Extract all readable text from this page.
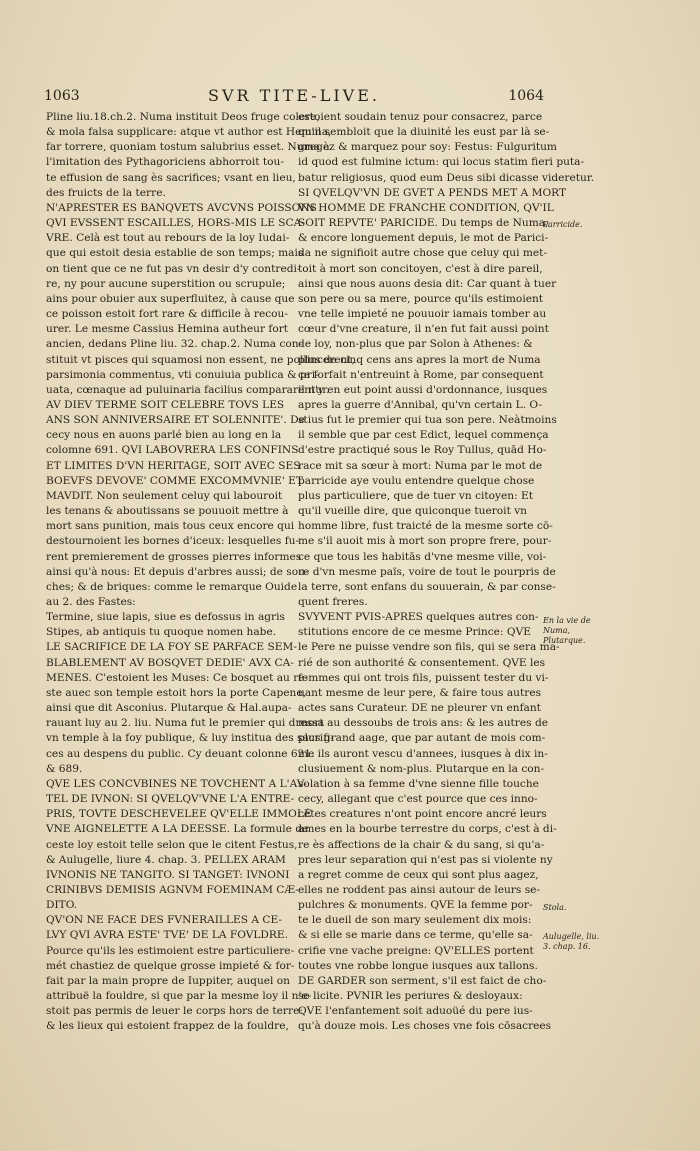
1063	SVR TITE-LIVE.	1064
Pline liu.18.ch.2. Numa instituit Deos fruge colere,
& mola falsa supplicare: atque vt author est Hemina,
far torrere, quoniam tostum salubrius esset. Numa à
l'imitation des Pythagoriciens abhorroit tou-
te effusion de sang ès sacrifices; vsant en lieu,
des fruicts de la terre.
N'APRESTER ES BANQVETS AVCVNS POISSONS
QVI EVSSENT ESCAILLES, HORS-MIS LE SCA-
VRE. Celà est tout au rebours de la loy Iudai-
que qui estoit desia establie de son temps; mais
on tient que ce ne fut pas vn desir d'y contredi-
re, ny pour aucune superstition ou scrupule;
ains pour obuier aux superfluitez, à cause que
ce poisson estoit fort rare & difficile à recou-
urer. Le mesme Cassius Hemina autheur fort
ancien, dedans Pline liu. 32. chap.2. Numa con-
stituit vt pisces qui squamosi non essent, ne pollincerent,
parsimonia commentus, vti conuiuia publica & pri-
uata, cœnaque ad puluinaria facilius compararentur.
AV DIEV TERME SOIT CELEBRE TOVS LES
ANS SON ANNIVERSAIRE ET SOLENNITE'. De
cecy nous en auons parlé bien au long en la
colomne 691. QVI LABOVRERA LES CONFINS
ET LIMITES D'VN HERITAGE, SOIT AVEC SES
BOEVFS DEVOVE' COMME EXCOMMVNIE' ET
MAVDIT. Non seulement celuy qui labouroit
les tenans & aboutissans se pouuoit mettre à
mort sans punition, mais tous ceux encore qui
destournoient les bornes d'iceux: lesquelles fu-
rent premierement de grosses pierres informes
ainsi qu'à nous: Et depuis d'arbres aussi; de sou-
ches; & de briques: comme le remarque Ouide
au 2. des Fastes:
Termine, siue lapis, siue es defossus in agris
Stipes, ab antiquis tu quoque nomen habe.
LE SACRIFICE DE LA FOY SE PARFACE SEM-
BLABLEMENT AV BOSQVET DEDIE' AVX CA-
MENES. C'estoient les Muses: Ce bosquet au re-
ste auec son temple estoit hors la porte Capene,
ainsi que dit Asconius. Plutarque & Hal.aupa-
rauant luy au 2. liu. Numa fut le premier qui dressa
vn temple à la foy publique, & luy institua des sacrifi-
ces au despens du public. Cy deuant colonne 621.
& 689.
QVE LES CONCVBINES NE TOVCHENT A L'AV-
TEL DE IVNON: SI QVELQV'VNE L'A ENTRE-
PRIS, TOVTE DESCHEVELEE QV'ELLE IMMOLE
VNE AIGNELETTE A LA DEESSE. La formule de
ceste loy estoit telle selon que le citent Festus,
& Aulugelle, liure 4. chap. 3. PELLEX ARAM
IVNONIS NE TANGITO. SI TANGET: IVNONI
CRINIBVS DEMISIS AGNVM FOEMINAM CÆ-
DITO.
QV'ON NE FACE DES FVNERAILLES A CE-
LVY QVI AVRA ESTE' TVE' DE LA FOVLDRE.
Pource qu'ils les estimoient estre particuliere-
mét chastiez de quelque grosse impieté & for-
fait par la main propre de Iuppiter, auquel on
attribuë la fouldre, si que par la mesme loy il n'e-
stoit pas permis de leuer le corps hors de terre:
& les lieux qui estoient frappez de la fouldre,
estoient soudain tenuz pour consacrez, parce
qu'il sembloit que la diuinité les eust par là se-
gregez & marquez pour soy: Festus: Fulguritum
id quod est fulmine ictum: qui locus statim fieri puta-
batur religiosus, quod eum Deus sibi dicasse videretur.
SI QVELQV'VN DE GVET A PENDS MET A MORT
VN HOMME DE FRANCHE CONDITION, QV'IL
SOIT REPVTE' PARICIDE. Du temps de Numa,
& encore longuement depuis, le mot de Parici-
da ne signifioit autre chose que celuy qui met-
toit à mort son concitoyen, c'est à dire pareil,
ainsi que nous auons desia dit: Car quant à tuer
son pere ou sa mere, pource qu'ils estimoient
vne telle impieté ne pouuoir iamais tomber au
cœur d'vne creature, il n'en fut fait aussi point
de loy, non-plus que par Solon à Athenes: &
plus de cinq cens ans apres la mort de Numa
ce forfait n'entreuint à Rome, par consequent
il n'y en eut point aussi d'ordonnance, iusques
apres la guerre d'Annibal, qu'vn certain L. O-
stius fut le premier qui tua son pere. Neàtmoins
il semble que par cest Edict, lequel commença
d'estre practiqué sous le Roy Tullus, quād Ho-
race mit sa sœur à mort: Numa par le mot de
parricide aye voulu entendre quelque chose
plus particuliere, que de tuer vn citoyen: Et
qu'il vueille dire, que quiconque tueroit vn
homme libre, fust traicté de la mesme sorte cō-
me s'il auoit mis à mort son propre frere, pour-
ce que tous les habitās d'vne mesme ville, voi-
re d'vn mesme païs, voire de tout le pourpris de
la terre, sont enfans du souuerain, & par conse-
quent freres.
SVYVENT PVIS-APRES quelques autres con-
stitutions encore de ce mesme Prince: QVE
le Pere ne puisse vendre son fils, qui se sera ma-
rié de son authorité & consentement. QVE les
femmes qui ont trois fils, puissent tester du vi-
uant mesme de leur pere, & faire tous autres
actes sans Curateur. DE ne pleurer vn enfant
mort au dessoubs de trois ans: & les autres de
plus grand aage, que par autant de mois com-
me ils auront vescu d'annees, iusques à dix in-
clusiuement & nom-plus. Plutarque en la con-
solation à sa femme d'vne sienne fille touche
cecy, allegant que c'est pource que ces inno-
cétes creatures n'ont point encore ancré leurs
ames en la bourbe terrestre du corps, c'est à di-
re ès affections de la chair & du sang, si qu'a-
pres leur separation qui n'est pas si violente ny
a regret comme de ceux qui sont plus aagez,
elles ne roddent pas ainsi autour de leurs se-
pulchres & monuments. QVE la femme por-
te le dueil de son mary seulement dix mois:
& si elle se marie dans ce terme, qu'elle sa-
crifie vne vache preigne: QV'ELLES portent
toutes vne robbe longue iusques aux tallons.
DE GARDER son serment, s'il est faict de cho-
se licite. PVNIR les periures & desloyaux:
QVE l'enfantement soit aduoüé du pere ius-
qu'à douze mois. Les choses vne fois cōsacrees
Parricide.
En la vie de Numa, Plutarque.
Stola.
Aulugelle, liu. 3. chap. 16.
